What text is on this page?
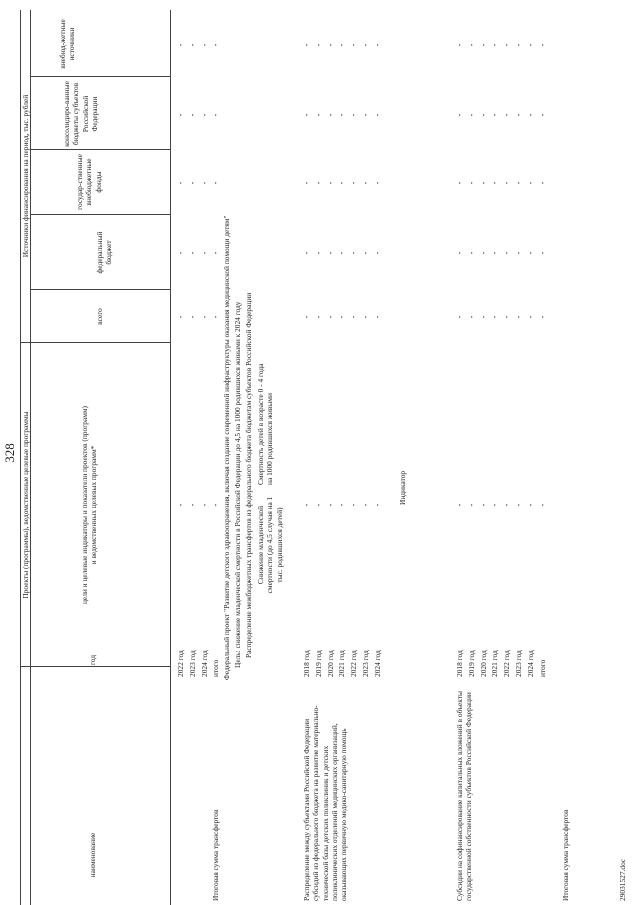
328 Проекты (программы), ведомственные целевые программы
Источники финансирования на период, тыс. рублей
наименование
год
цели и целевые индикаторы и показатели проектов (программ) и ведомственных целевых программ*
всего
федеральный бюджет
государ-ственные внебюджетные фонды
консолидиро-ванные бюджеты субъектов Российской Федерации
внебюд-жетные источники
2022 год 2023 год 2024 год итого
Итоговая сумма трансфертов
Федеральный проект "Развитие детского здравоохранения, включая создание современной инфраструктуры оказания медицинской помощи детям" Цель: снижение младенческой смертности в Российской Федерации до 4,5 на 1000 родившихся живыми к 2024 году Распределение межбюджетных трансфертов из федерального бюджета бюджетам субъектов Российской Федерации Снижение младенческой смертности (до 4,5 случая на 1 тыс. родившихся детей)
Смертность детей в возрасте 0 - 4 года на 1000 родившихся живыми
Распределение между субъектами Российской Федерации субсидий из федерального бюджета на развитие материально-технической базы детских поликлиник и детских поликлинических отделений медицинских организаций, оказывающих первичную медико-санитарную помощь
2018 год 2019 год 2020 год 2021 год 2022 год 2023 год 2024 год
Индикатор
Субсидии на софинансирование капитальных вложений в объекты государственной собственности субъектов Российской Федерации
2018 год 2019 год 2020 год 2021 год 2022 год 2023 год 2024 год итого
Итоговая сумма трансфертов	29031527.doc
-
-
-
-
-
-
-
-
-
-
-
-
-
-
-
-
-
-
-
-
-
-
-
-
-
-
-
-
-
-
-
-
-
-
-
-
-
-
-
-
-
-
-
-
-
-
-
-
-
-
-
-
-
-
-
-
-
-
-
-
-
-
-
-
-
-
-
-
-
-
-
-
-
-
-
-
-
-
-
-
-
-
-
-
-
-
-
-
-
-
-
-
-
-
-
-
-
-
-
-
-
-
-
-
-
-
-
-
-
-
-
-
-
-
